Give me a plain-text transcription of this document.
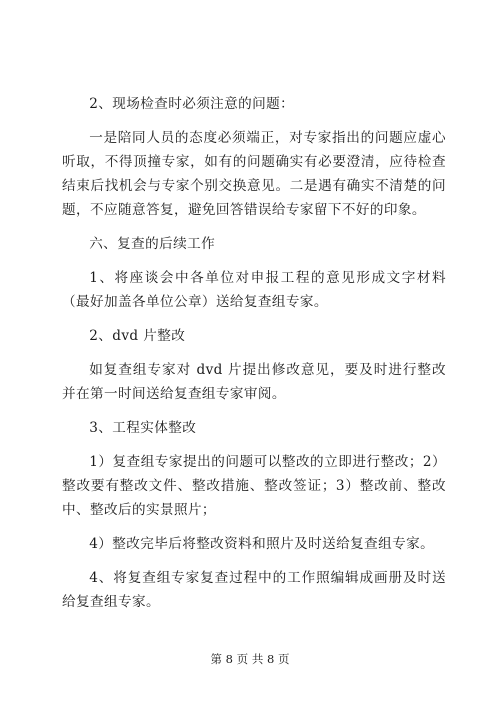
2、现场检查时必须注意的问题：

一是陪同人员的态度必须端正，对专家指出的问题应虚心听取，不得顶撞专家，如有的问题确实有必要澄清，应待检查结束后找机会与专家个别交换意见。二是遇有确实不清楚的问题，不应随意答复，避免回答错误给专家留下不好的印象。

六、复查的后续工作

1、将座谈会中各单位对申报工程的意见形成文字材料（最好加盖各单位公章）送给复查组专家。

2、dvd 片整改

如复查组专家对 dvd 片提出修改意见，要及时进行整改并在第一时间送给复查组专家审阅。

3、工程实体整改

1）复查组专家提出的问题可以整改的立即进行整改；2）整改要有整改文件、整改措施、整改签证；3）整改前、整改中、整改后的实景照片；

4）整改完毕后将整改资料和照片及时送给复查组专家。

4、将复查组专家复查过程中的工作照编辑成画册及时送给复查组专家。

第 8 页 共 8 页
